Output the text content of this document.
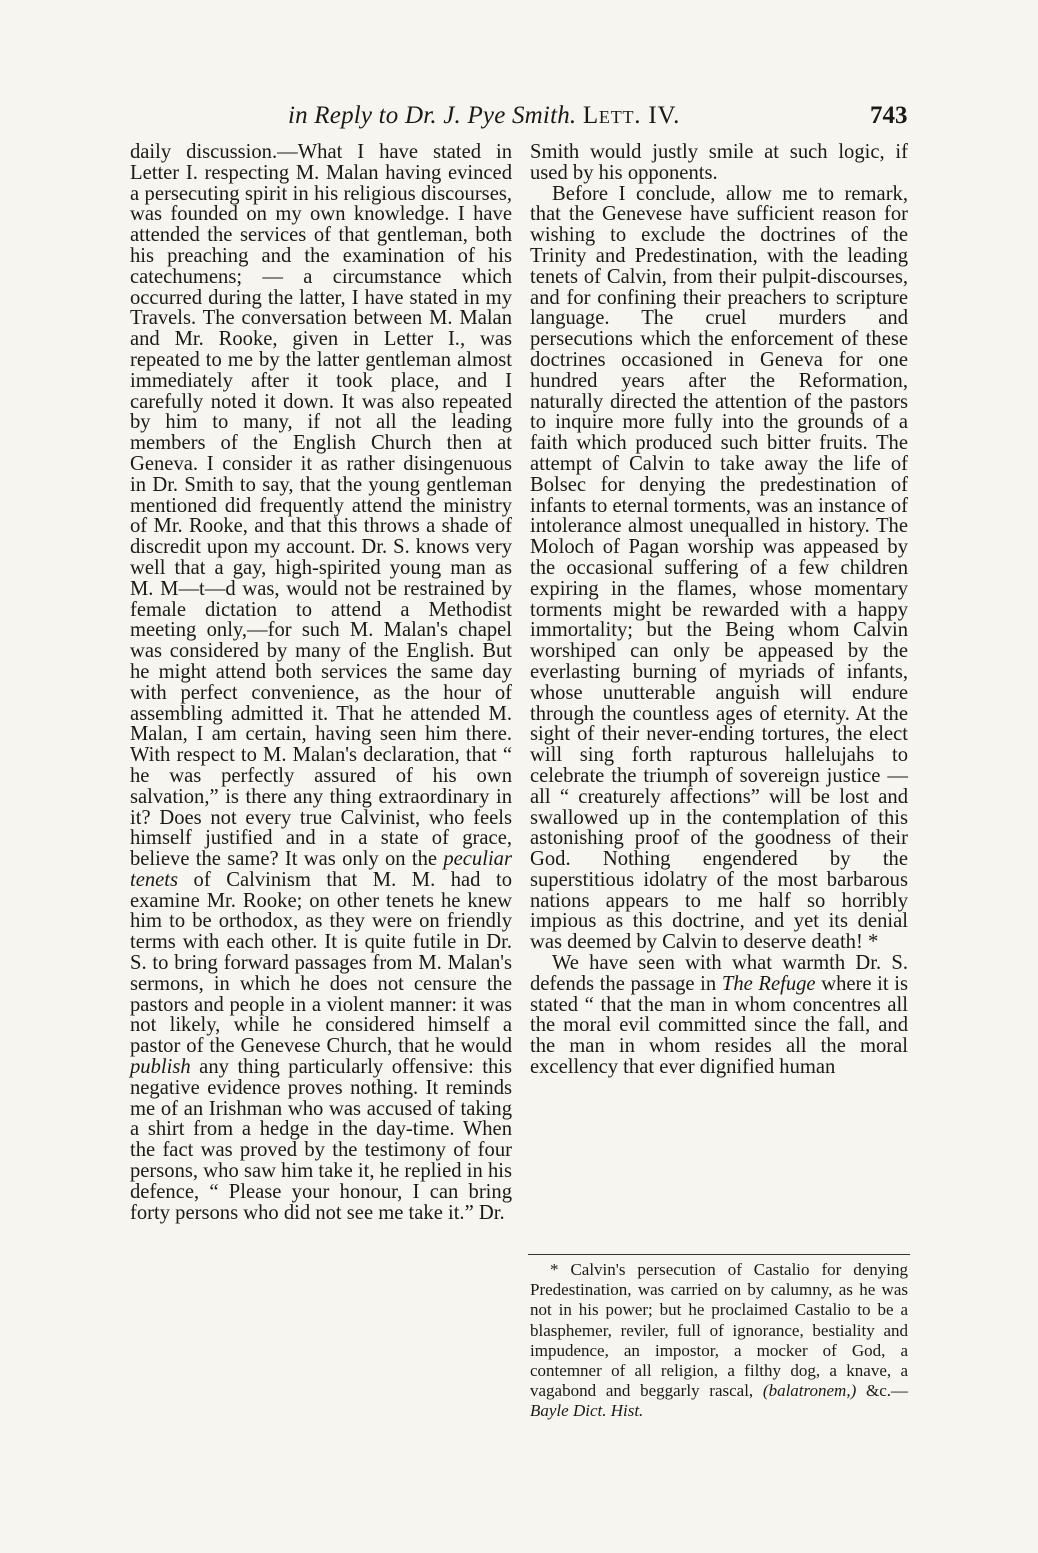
in Reply to Dr. J. Pye Smith. Lett. IV.	743

daily discussion.—What I have stated in Letter I. respecting M. Malan having evinced a persecuting spirit in his religious discourses, was founded on my own knowledge. I have attended the services of that gentleman, both his preaching and the examination of his catechumens; — a circumstance which occurred during the latter, I have stated in my Travels. The conversation between M. Malan and Mr. Rooke, given in Letter I., was repeated to me by the latter gentleman almost immediately after it took place, and I carefully noted it down. It was also repeated by him to many, if not all the leading members of the English Church then at Geneva. I consider it as rather disingenuous in Dr. Smith to say, that the young gentleman mentioned did frequently attend the ministry of Mr. Rooke, and that this throws a shade of discredit upon my account. Dr. S. knows very well that a gay, high-spirited young man as M. M—t—d was, would not be restrained by female dictation to attend a Methodist meeting only,—for such M. Malan's chapel was considered by many of the English. But he might attend both services the same day with perfect convenience, as the hour of assembling admitted it. That he attended M. Malan, I am certain, having seen him there. With respect to M. Malan's declaration, that “ he was perfectly assured of his own salvation,” is there any thing extraordinary in it? Does not every true Calvinist, who feels himself justified and in a state of grace, believe the same? It was only on the peculiar tenets of Calvinism that M. M. had to examine Mr. Rooke; on other tenets he knew him to be orthodox, as they were on friendly terms with each other. It is quite futile in Dr. S. to bring forward passages from M. Malan's sermons, in which he does not censure the pastors and people in a violent manner: it was not likely, while he considered himself a pastor of the Genevese Church, that he would publish any thing particularly offensive: this negative evidence proves nothing. It reminds me of an Irishman who was accused of taking a shirt from a hedge in the day-time. When the fact was proved by the testimony of four persons, who saw him take it, he replied in his defence, “ Please your honour, I can bring forty persons who did not see me take it.” Dr.

Smith would justly smile at such logic, if used by his opponents.

Before I conclude, allow me to remark, that the Genevese have sufficient reason for wishing to exclude the doctrines of the Trinity and Predestination, with the leading tenets of Calvin, from their pulpit-discourses, and for confining their preachers to scripture language. The cruel murders and persecutions which the enforcement of these doctrines occasioned in Geneva for one hundred years after the Reformation, naturally directed the attention of the pastors to inquire more fully into the grounds of a faith which produced such bitter fruits. The attempt of Calvin to take away the life of Bolsec for denying the predestination of infants to eternal torments, was an instance of intolerance almost unequalled in history. The Moloch of Pagan worship was appeased by the occasional suffering of a few children expiring in the flames, whose momentary torments might be rewarded with a happy immortality; but the Being whom Calvin worshiped can only be appeased by the everlasting burning of myriads of infants, whose unutterable anguish will endure through the countless ages of eternity. At the sight of their never-ending tortures, the elect will sing forth rapturous hallelujahs to celebrate the triumph of sovereign justice — all “ creaturely affections” will be lost and swallowed up in the contemplation of this astonishing proof of the goodness of their God. Nothing engendered by the superstitious idolatry of the most barbarous nations appears to me half so horribly impious as this doctrine, and yet its denial was deemed by Calvin to deserve death! *

We have seen with what warmth Dr. S. defends the passage in The Refuge where it is stated “ that the man in whom concentres all the moral evil committed since the fall, and the man in whom resides all the moral excellency that ever dignified human

* Calvin's persecution of Castalio for denying Predestination, was carried on by calumny, as he was not in his power; but he proclaimed Castalio to be a blasphemer, reviler, full of ignorance, bestiality and impudence, an impostor, a mocker of God, a contemner of all religion, a filthy dog, a knave, a vagabond and beggarly rascal, (balatronem,) &c.—Bayle Dict. Hist.
